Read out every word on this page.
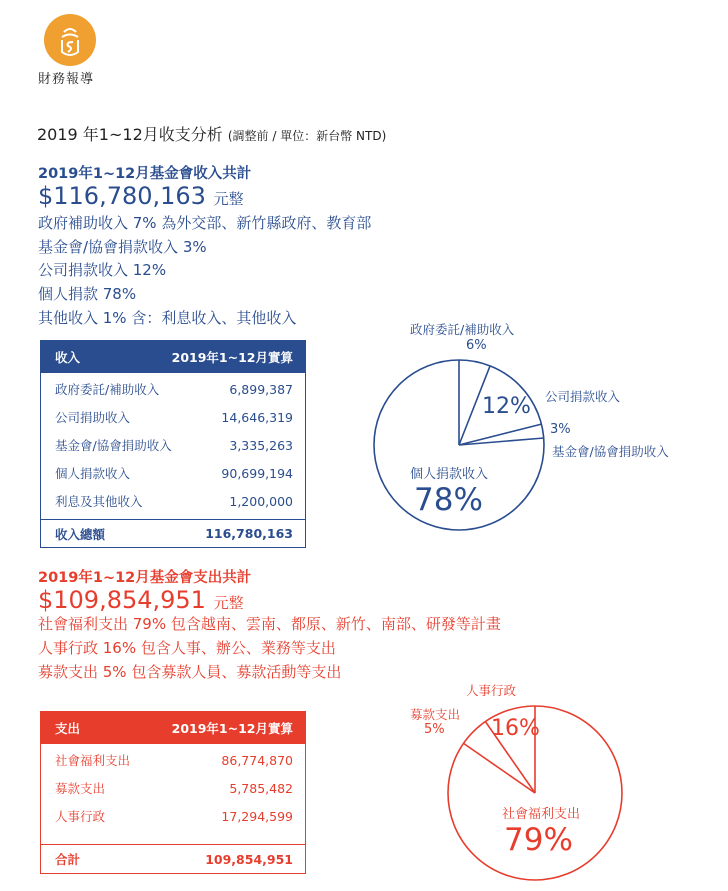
財務報導
2019 年1~12月收支分析 (調整前 / 單位：新台幣 NTD)
2019年1~12月基金會收入共計
$116,780,163 元整
政府補助收入 7% 為外交部、新竹縣政府、教育部
基金會/協會捐款收入 3%
公司捐款收入 12%
個人捐款 78%
其他收入 1% 含：利息收入、其他收入
收入	2019年1~12月實算
政府委託/補助收入	6,899,387
公司捐助收入	14,646,319
基金會/協會捐助收入	3,335,263
個人捐款收入	90,699,194
利息及其他收入	1,200,000
收入總額	116,780,163
政府委託/補助收入
6%
12% 公司捐款收入
3%
基金會/協會捐助收入
個人捐款收入
78%
2019年1~12月基金會支出共計
$109,854,951 元整
社會福利支出 79% 包含越南、雲南、都原、新竹、南部、研發等計畫
人事行政 16% 包含人事、辦公、業務等支出
募款支出 5% 包含募款人員、募款活動等支出
支出	2019年1~12月實算
社會福利支出	86,774,870
募款支出	5,785,482
人事行政	17,294,599
合計	109,854,951
人事行政
募款支出
5% 16%
社會福利支出
79%
